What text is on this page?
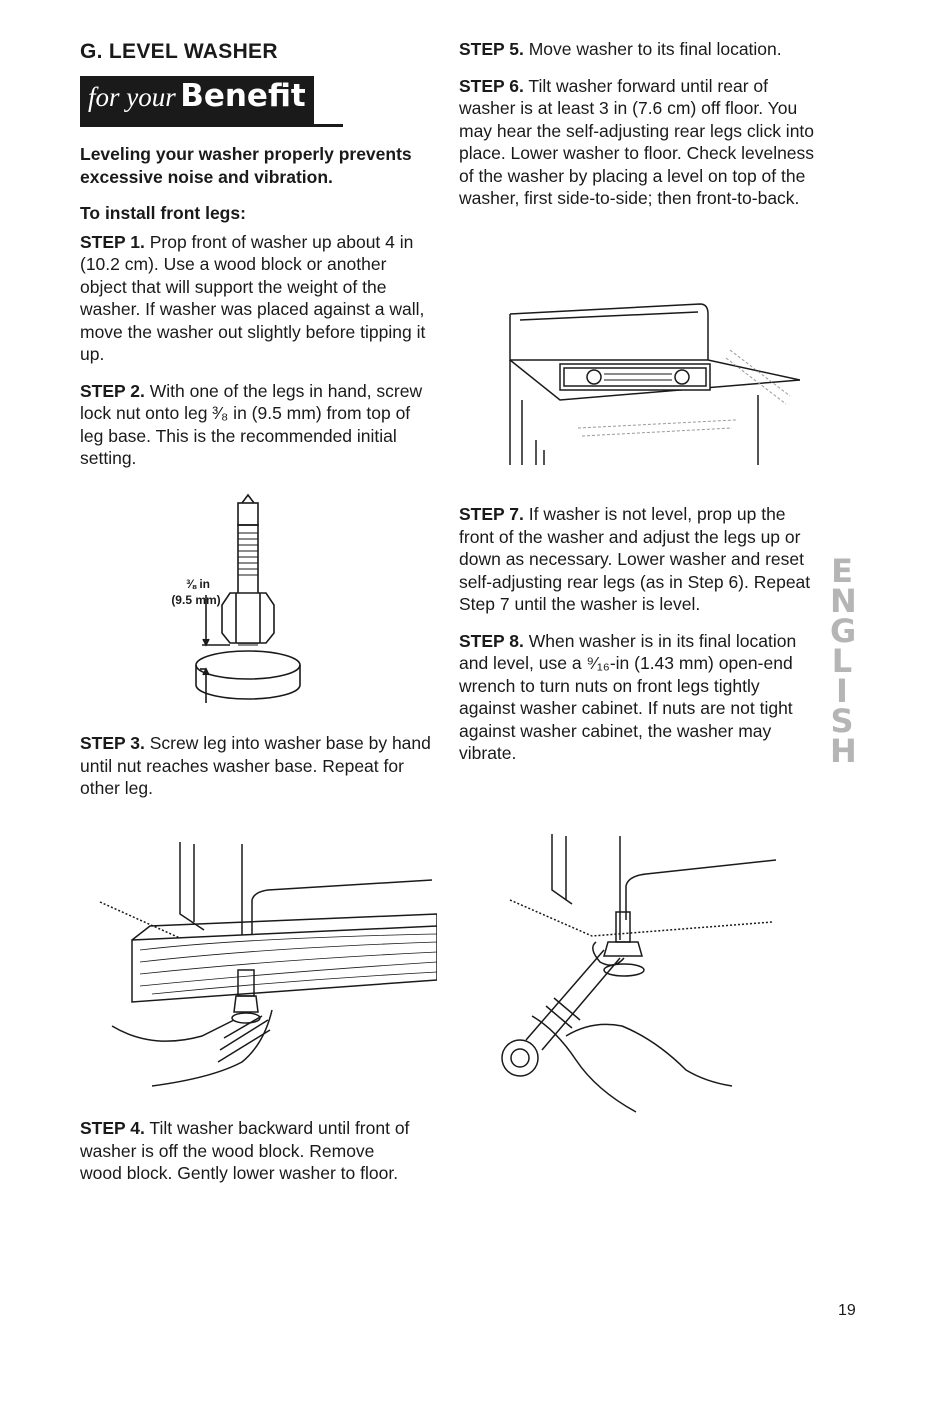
G. LEVEL WASHER
for your Benefit

Leveling your washer properly prevents excessive noise and vibration.

To install front legs:

STEP 1. Prop front of washer up about 4 in (10.2 cm). Use a wood block or another object that will support the weight of the washer. If washer was placed against a wall, move the washer out slightly before tipping it up.

STEP 2. With one of the legs in hand, screw lock nut onto leg ³⁄₈ in (9.5 mm) from top of leg base. This is the recommended initial setting.

⅜ in
(9.5 mm)

STEP 3. Screw leg into washer base by hand until nut reaches washer base. Repeat for other leg.

STEP 4. Tilt washer backward until front of washer is off the wood block. Remove wood block. Gently lower washer to floor.

STEP 5. Move washer to its final location.

STEP 6. Tilt washer forward until rear of washer is at least 3 in (7.6 cm) off floor. You may hear the self-adjusting rear legs click into place. Lower washer to floor. Check levelness of the washer by placing a level on top of the washer, first side-to-side; then front-to-back.

STEP 7. If washer is not level, prop up the front of the washer and adjust the legs up or down as necessary. Lower washer and reset self-adjusting rear legs (as in Step 6). Repeat Step 7 until the washer is level.

STEP 8. When washer is in its final location and level, use a ⁹⁄₁₆-in (1.43 mm) open-end wrench to turn nuts on front legs tightly against washer cabinet. If nuts are not tight against washer cabinet, the washer may vibrate.

ENGLISH
19
